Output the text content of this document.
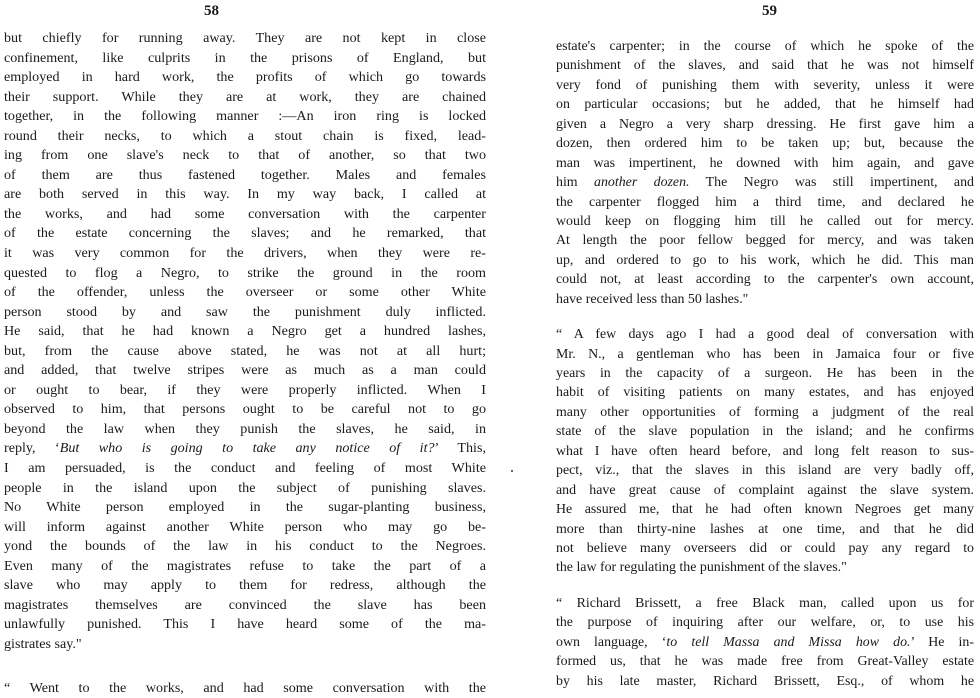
58
but chiefly for running away. They are not kept in close
confinement, like culprits in the prisons of England, but
employed in hard work, the profits of which go towards
their support. While they are at work, they are chained
together, in the following manner :—An iron ring is locked
round their necks, to which a stout chain is fixed, lead-
ing from one slave's neck to that of another, so that two
of them are thus fastened together. Males and females
are both served in this way. In my way back, I called at
the works, and had some conversation with the carpenter
of the estate concerning the slaves; and he remarked, that
it was very common for the drivers, when they were re-
quested to flog a Negro, to strike the ground in the room
of the offender, unless the overseer or some other White
person stood by and saw the punishment duly inflicted.
He said, that he had known a Negro get a hundred lashes,
but, from the cause above stated, he was not at all hurt;
and added, that twelve stripes were as much as a man could
or ought to bear, if they were properly inflicted. When I
observed to him, that persons ought to be careful not to go
beyond the law when they punish the slaves, he said, in
reply, ‘But who is going to take any notice of it?’ This,
I am persuaded, is the conduct and feeling of most White
people in the island upon the subject of punishing slaves.
No White person employed in the sugar-planting business,
will inform against another White person who may go be-
yond the bounds of the law in his conduct to the Negroes.
Even many of the magistrates refuse to take the part of a
slave who may apply to them for redress, although the
magistrates themselves are convinced the slave has been
unlawfully punished. This I have heard some of the ma-
gistrates say."
“ Went to the works, and had some conversation with the
59
estate's carpenter; in the course of which he spoke of the
punishment of the slaves, and said that he was not himself
very fond of punishing them with severity, unless it were
on particular occasions; but he added, that he himself had
given a Negro a very sharp dressing. He first gave him a
dozen, then ordered him to be taken up; but, because the
man was impertinent, he downed with him again, and gave
him another dozen. The Negro was still impertinent, and
the carpenter flogged him a third time, and declared he
would keep on flogging him till he called out for mercy.
At length the poor fellow begged for mercy, and was taken
up, and ordered to go to his work, which he did. This man
could not, at least according to the carpenter's own account,
have received less than 50 lashes."
“ A few days ago I had a good deal of conversation with
Mr. N., a gentleman who has been in Jamaica four or five
years in the capacity of a surgeon. He has been in the
habit of visiting patients on many estates, and has enjoyed
many other opportunities of forming a judgment of the real
state of the slave population in the island; and he confirms
what I have often heard before, and long felt reason to sus-
pect, viz., that the slaves in this island are very badly off,
and have great cause of complaint against the slave system.
He assured me, that he had often known Negroes get many
more than thirty-nine lashes at one time, and that he did
not believe many overseers did or could pay any regard to
the law for regulating the punishment of the slaves."
“ Richard Brissett, a free Black man, called upon us for
the purpose of inquiring after our welfare, or, to use his
own language, ‘to tell Massa and Missa how do.’ He in-
formed us, that he was made free from Great-Valley estate
by his late master, Richard Brissett, Esq., of whom he
